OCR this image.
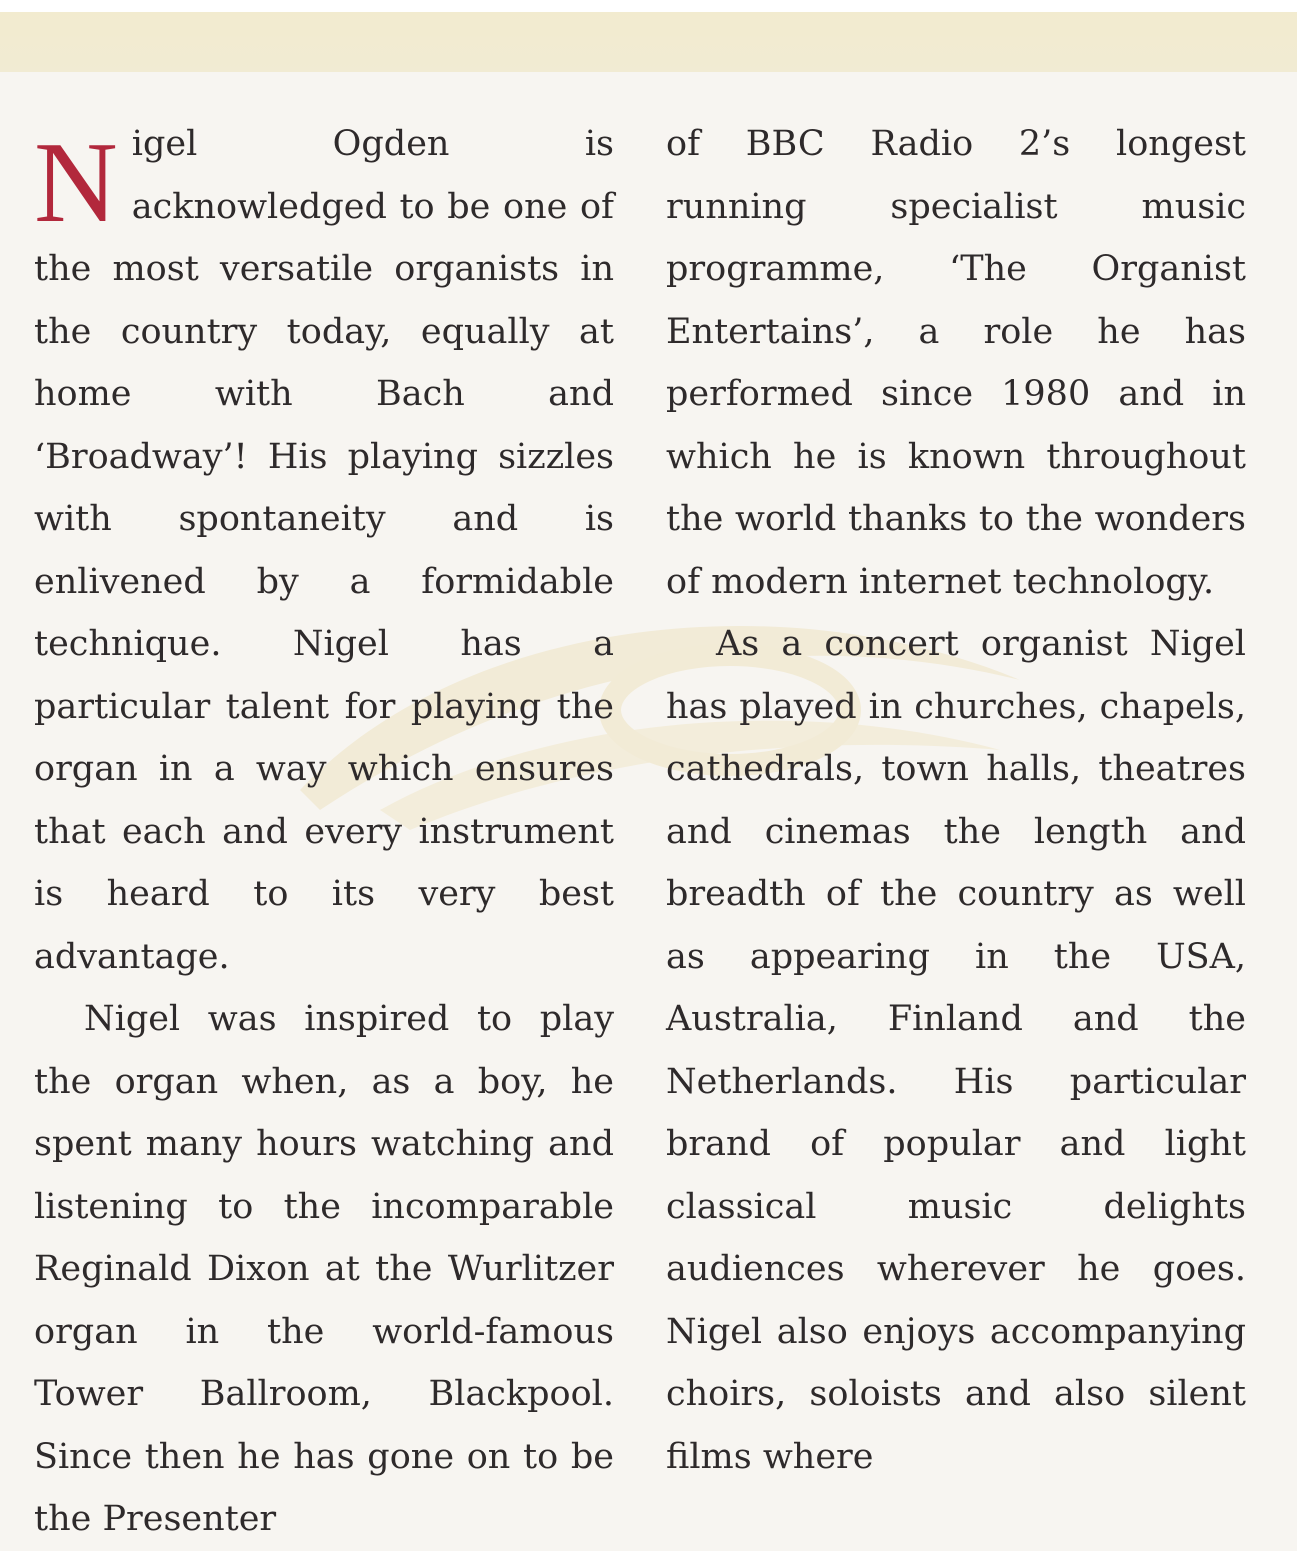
Nigel Ogden is acknowledged to be one of the most versatile organists in the country today, equally at home with Bach and ‘Broadway’! His playing sizzles with spontaneity and is enlivened by a formidable technique. Nigel has a particular talent for playing the organ in a way which ensures that each and every instrument is heard to its very best advantage.

Nigel was inspired to play the organ when, as a boy, he spent many hours watching and listening to the incomparable Reginald Dixon at the Wurlitzer organ in the world-famous Tower Ballroom, Blackpool. Since then he has gone on to be the Presenter

of BBC Radio 2’s longest running specialist music programme, ‘The Organist Entertains’, a role he has performed since 1980 and in which he is known throughout the world thanks to the wonders of modern internet technology.

As a concert organist Nigel has played in churches, chapels, cathedrals, town halls, theatres and cinemas the length and breadth of the country as well as appearing in the USA, Australia, Finland and the Netherlands. His particular brand of popular and light classical music delights audiences wherever he goes. Nigel also enjoys accompanying choirs, soloists and also silent films where
